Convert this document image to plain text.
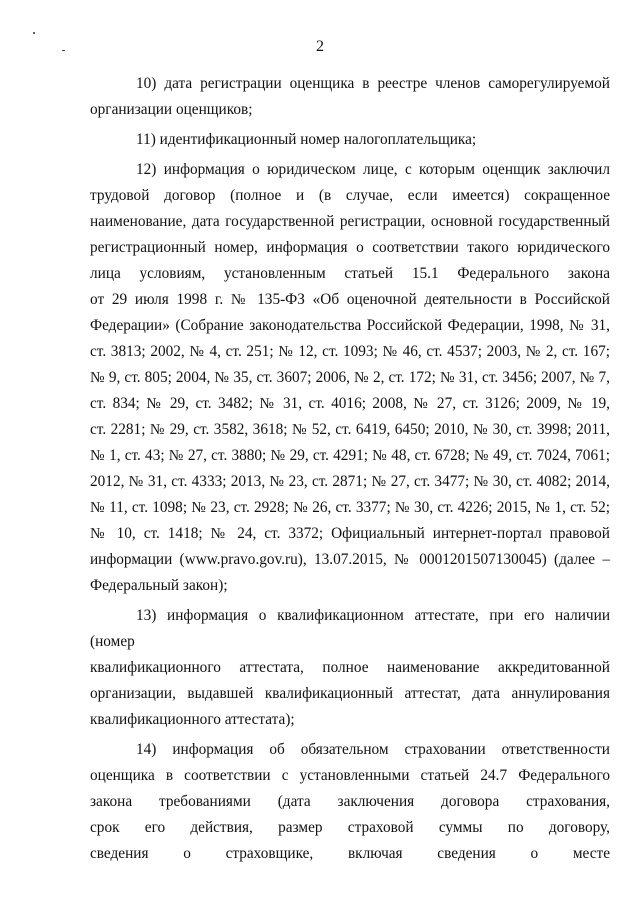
2
10) дата регистрации оценщика в реестре членов саморегулируемой
организации оценщиков;
11) идентификационный номер налогоплательщика;
12) информация о юридическом лице, с которым оценщик заключил
трудовой договор (полное и (в случае, если имеется) сокращенное
наименование, дата государственной регистрации, основной государственный
регистрационный номер, информация о соответствии такого юридического
лица условиям, установленным статьей 15.1 Федерального закона
от 29 июля 1998 г. № 135-ФЗ «Об оценочной деятельности в Российской
Федерации» (Собрание законодательства Российской Федерации, 1998, № 31,
ст. 3813; 2002, № 4, ст. 251; № 12, ст. 1093; № 46, ст. 4537; 2003, № 2, ст. 167;
№ 9, ст. 805; 2004, № 35, ст. 3607; 2006, № 2, ст. 172; № 31, ст. 3456; 2007, № 7,
ст. 834; № 29, ст. 3482; № 31, ст. 4016; 2008, № 27, ст. 3126; 2009, № 19,
ст. 2281; № 29, ст. 3582, 3618; № 52, ст. 6419, 6450; 2010, № 30, ст. 3998; 2011,
№ 1, ст. 43; № 27, ст. 3880; № 29, ст. 4291; № 48, ст. 6728; № 49, ст. 7024, 7061;
2012, № 31, ст. 4333; 2013, № 23, ст. 2871; № 27, ст. 3477; № 30, ст. 4082; 2014,
№ 11, ст. 1098; № 23, ст. 2928; № 26, ст. 3377; № 30, ст. 4226; 2015, № 1, ст. 52;
№ 10, ст. 1418; № 24, ст. 3372; Официальный интернет-портал правовой
информации (www.pravo.gov.ru), 13.07.2015, № 0001201507130045) (далее –
Федеральный закон);
13) информация о квалификационном аттестате, при его наличии (номер
квалификационного аттестата, полное наименование аккредитованной
организации, выдавшей квалификационный аттестат, дата аннулирования
квалификационного аттестата);
14) информация об обязательном страховании ответственности
оценщика в соответствии с установленными статьей 24.7 Федерального
закона требованиями (дата заключения договора страхования,
срок его действия, размер страховой суммы по договору,
сведения о страховщике, включая сведения о месте
